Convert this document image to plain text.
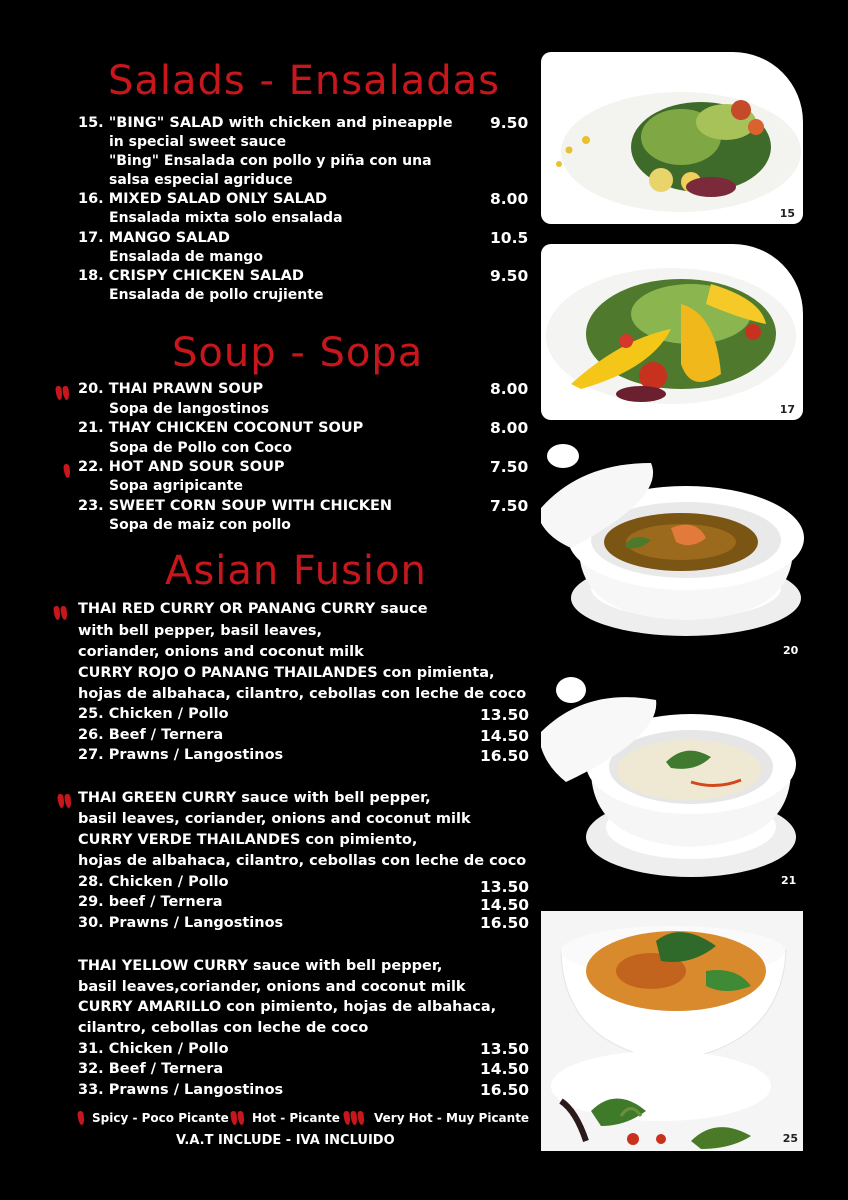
Salads - Ensaladas
Soup - Sopa
Asian Fusion
15. "BING" SALAD with chicken and pineapple 9.50
in special sweet sauce
"Bing" Ensalada con pollo y piña con una
salsa especial agriduce
16. MIXED SALAD ONLY SALAD	8.00
Ensalada mixta solo ensalada
17. MANGO SALAD	10.5
Ensalada de mango
18. CRISPY CHICKEN SALAD	9.50
Ensalada de pollo crujiente
20. THAI PRAWN SOUP	8.00
Sopa de langostinos
21. THAY CHICKEN COCONUT SOUP	8.00
Sopa de Pollo con Coco
22. HOT AND SOUR SOUP	7.50
Sopa agripicante
23. SWEET CORN SOUP WITH CHICKEN	7.50
Sopa de maiz con pollo
THAI RED CURRY OR PANANG CURRY sauce
with bell pepper, basil leaves,
coriander, onions and coconut milk
CURRY ROJO O PANANG THAILANDES con pimienta,
hojas de albahaca, cilantro, cebollas con leche de coco
25. Chicken / Pollo	13.50
26. Beef / Ternera	14.50
27. Prawns / Langostinos	16.50
THAI GREEN CURRY sauce with bell pepper,
basil leaves, coriander, onions and coconut milk
CURRY VERDE THAILANDES con pimiento,
hojas de albahaca, cilantro, cebollas con leche de coco
28. Chicken / Pollo	13.50
29. beef / Ternera	14.50
30. Prawns / Langostinos	16.50
THAI YELLOW CURRY sauce with bell pepper,
basil leaves,coriander, onions and coconut milk
CURRY AMARILLO con pimiento, hojas de albahaca,
cilantro, cebollas con leche de coco
31. Chicken / Pollo	13.50
32. Beef / Ternera	14.50
33. Prawns / Langostinos	16.50
Spicy - Poco Picante Hot - Picante	Very Hot - Muy Picante
V.A.T INCLUDE - IVA INCLUIDO
15
17
20
21
25
